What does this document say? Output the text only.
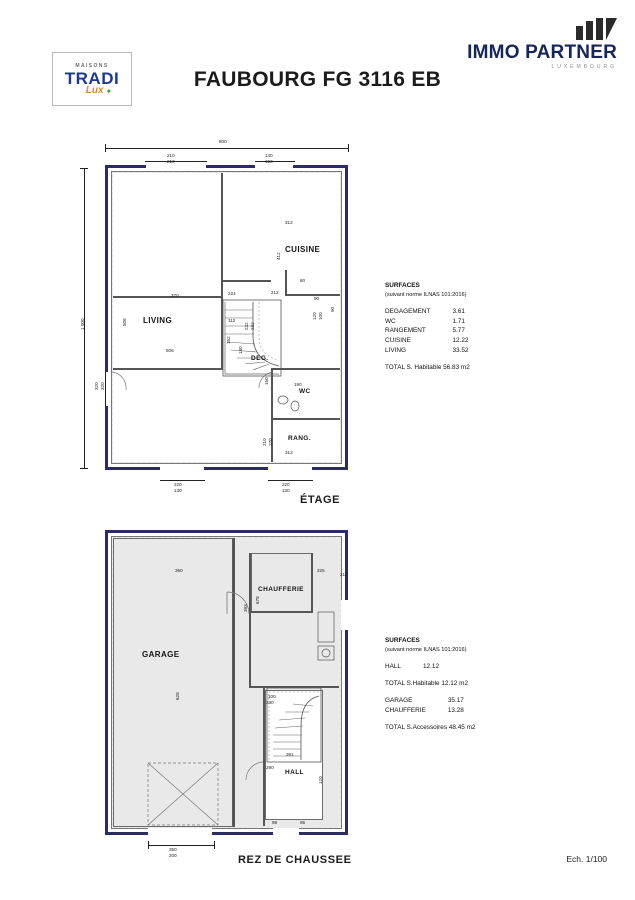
MAISONS
TRADI
Lux ✦
IMMO PARTNER
LUXEMBOURG
FAUBOURG FG 3116 EB
CUISINE
LIVING
DEG.
WC
RANG.
800
210
210
140
150
1 000
320 320
220
130
220
130
370
506
506
312
412
212
232 232
312
224
190
150
112
152
130
120 100
210 270
60
90
90
ÉTAGE
SURFACES
(suivant norme ILNAS 101:2016)
DEGAGEMENT	3.61
WC	1.71
RANGEMENT	5.77
CUISINE	12.22
LIVING	33.52
TOTAL S. Habitable 56.83 m2
GARAGE
CHAUFFERIE
HALL
360	325
678
628
393
391
215
290
120
98	95
100
230
350
200	REZ DE CHAUSSEE
SURFACES
(suivant norme ILNAS 101:2016)
HALL	12.12
TOTAL S.Habitable 12.12 m2
GARAGE	35.17
CHAUFFERIE	13.28
TOTAL S.Accessoires 48.45 m2
Ech. 1/100
